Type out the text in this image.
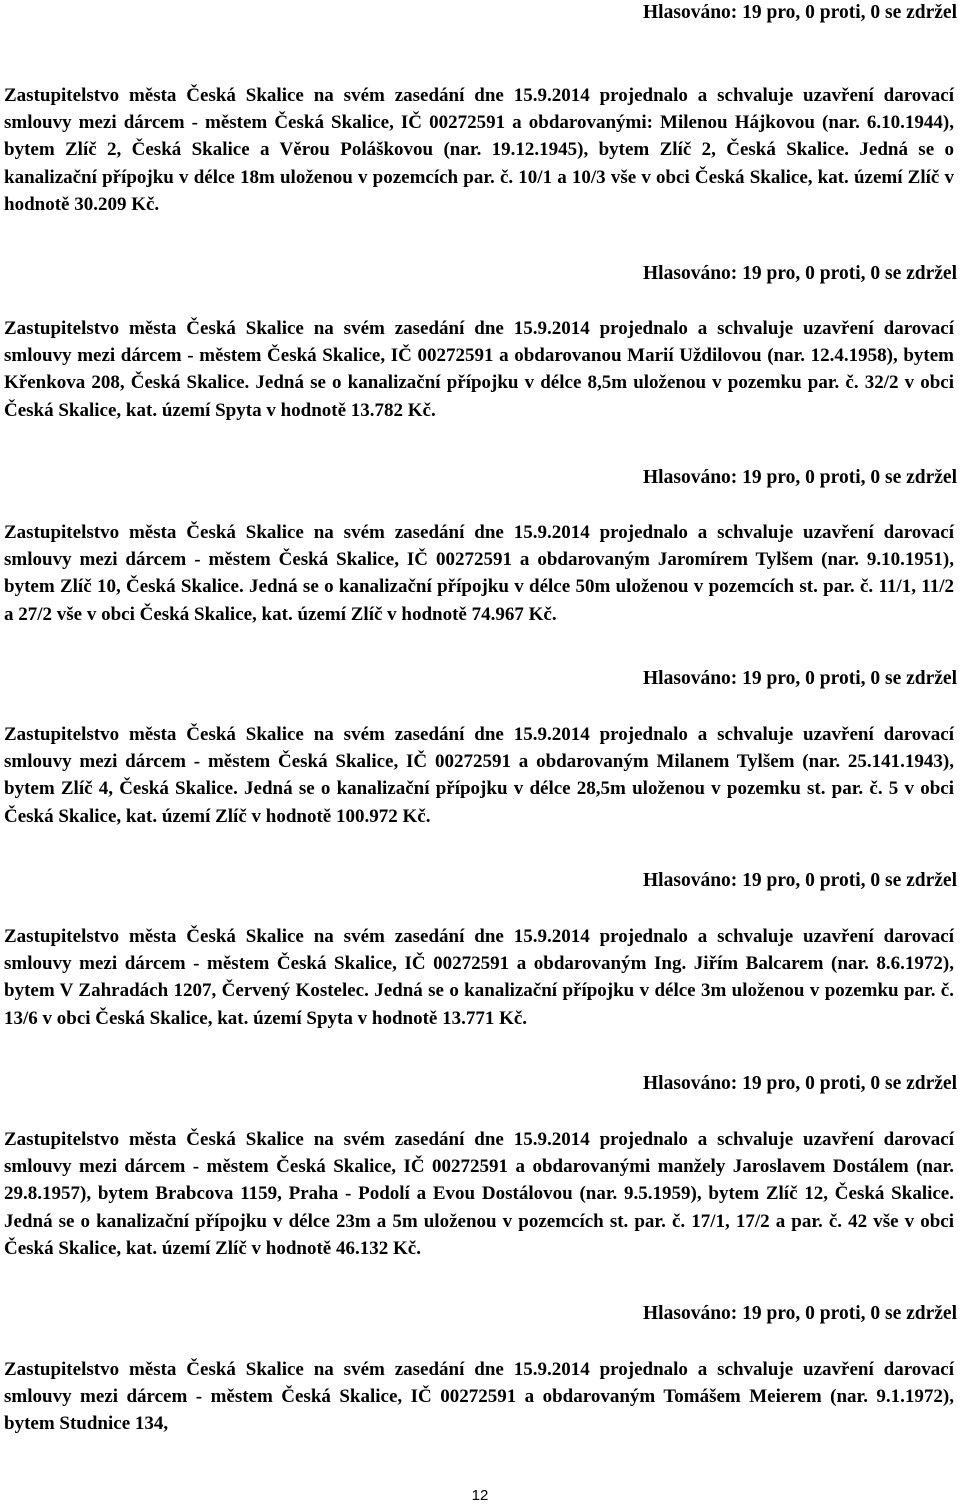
Hlasováno: 19 pro, 0 proti, 0 se zdržel

Zastupitelstvo města Česká Skalice na svém zasedání dne 15.9.2014 projednalo a schvaluje uzavření darovací smlouvy mezi dárcem - městem Česká Skalice, IČ 00272591 a obdarovanými: Milenou Hájkovou (nar. 6.10.1944), bytem Zlíč 2, Česká Skalice a Věrou Poláškovou (nar. 19.12.1945), bytem Zlíč 2, Česká Skalice. Jedná se o kanalizační přípojku v délce 18m uloženou v pozemcích par. č. 10/1 a 10/3 vše v obci Česká Skalice, kat. území Zlíč v hodnotě 30.209 Kč.

Hlasováno: 19 pro, 0 proti, 0 se zdržel

Zastupitelstvo města Česká Skalice na svém zasedání dne 15.9.2014 projednalo a schvaluje uzavření darovací smlouvy mezi dárcem - městem Česká Skalice, IČ 00272591 a obdarovanou Marií Uždilovou (nar. 12.4.1958), bytem Křenkova 208, Česká Skalice. Jedná se o kanalizační přípojku v délce 8,5m uloženou v pozemku par. č. 32/2 v obci Česká Skalice, kat. území Spyta v hodnotě 13.782 Kč.

Hlasováno: 19 pro, 0 proti, 0 se zdržel

Zastupitelstvo města Česká Skalice na svém zasedání dne 15.9.2014 projednalo a schvaluje uzavření darovací smlouvy mezi dárcem - městem Česká Skalice, IČ 00272591 a obdarovaným Jaromírem Tylšem (nar. 9.10.1951), bytem Zlíč 10, Česká Skalice. Jedná se o kanalizační přípojku v délce 50m uloženou v pozemcích st. par. č. 11/1, 11/2 a 27/2 vše v obci Česká Skalice, kat. území Zlíč v hodnotě 74.967 Kč.

Hlasováno: 19 pro, 0 proti, 0 se zdržel

Zastupitelstvo města Česká Skalice na svém zasedání dne 15.9.2014 projednalo a schvaluje uzavření darovací smlouvy mezi dárcem - městem Česká Skalice, IČ 00272591 a obdarovaným Milanem Tylšem (nar. 25.141.1943), bytem Zlíč 4, Česká Skalice. Jedná se o kanalizační přípojku v délce 28,5m uloženou v pozemku st. par. č. 5 v obci Česká Skalice, kat. území Zlíč v hodnotě 100.972 Kč.

Hlasováno: 19 pro, 0 proti, 0 se zdržel

Zastupitelstvo města Česká Skalice na svém zasedání dne 15.9.2014 projednalo a schvaluje uzavření darovací smlouvy mezi dárcem - městem Česká Skalice, IČ 00272591 a obdarovaným Ing. Jiřím Balcarem (nar. 8.6.1972), bytem V Zahradách 1207, Červený Kostelec. Jedná se o kanalizační přípojku v délce 3m uloženou v pozemku par. č. 13/6 v obci Česká Skalice, kat. území Spyta v hodnotě 13.771 Kč.

Hlasováno: 19 pro, 0 proti, 0 se zdržel

Zastupitelstvo města Česká Skalice na svém zasedání dne 15.9.2014 projednalo a schvaluje uzavření darovací smlouvy mezi dárcem - městem Česká Skalice, IČ 00272591 a obdarovanými manžely Jaroslavem Dostálem (nar. 29.8.1957), bytem Brabcova 1159, Praha - Podolí a Evou Dostálovou (nar. 9.5.1959), bytem Zlíč 12, Česká Skalice. Jedná se o kanalizační přípojku v délce 23m a 5m uloženou v pozemcích st. par. č. 17/1, 17/2 a par. č. 42 vše v obci Česká Skalice, kat. území Zlíč v hodnotě 46.132 Kč.

Hlasováno: 19 pro, 0 proti, 0 se zdržel

Zastupitelstvo města Česká Skalice na svém zasedání dne 15.9.2014 projednalo a schvaluje uzavření darovací smlouvy mezi dárcem - městem Česká Skalice, IČ 00272591 a obdarovaným Tomášem Meierem (nar. 9.1.1972), bytem Studnice 134,

12
